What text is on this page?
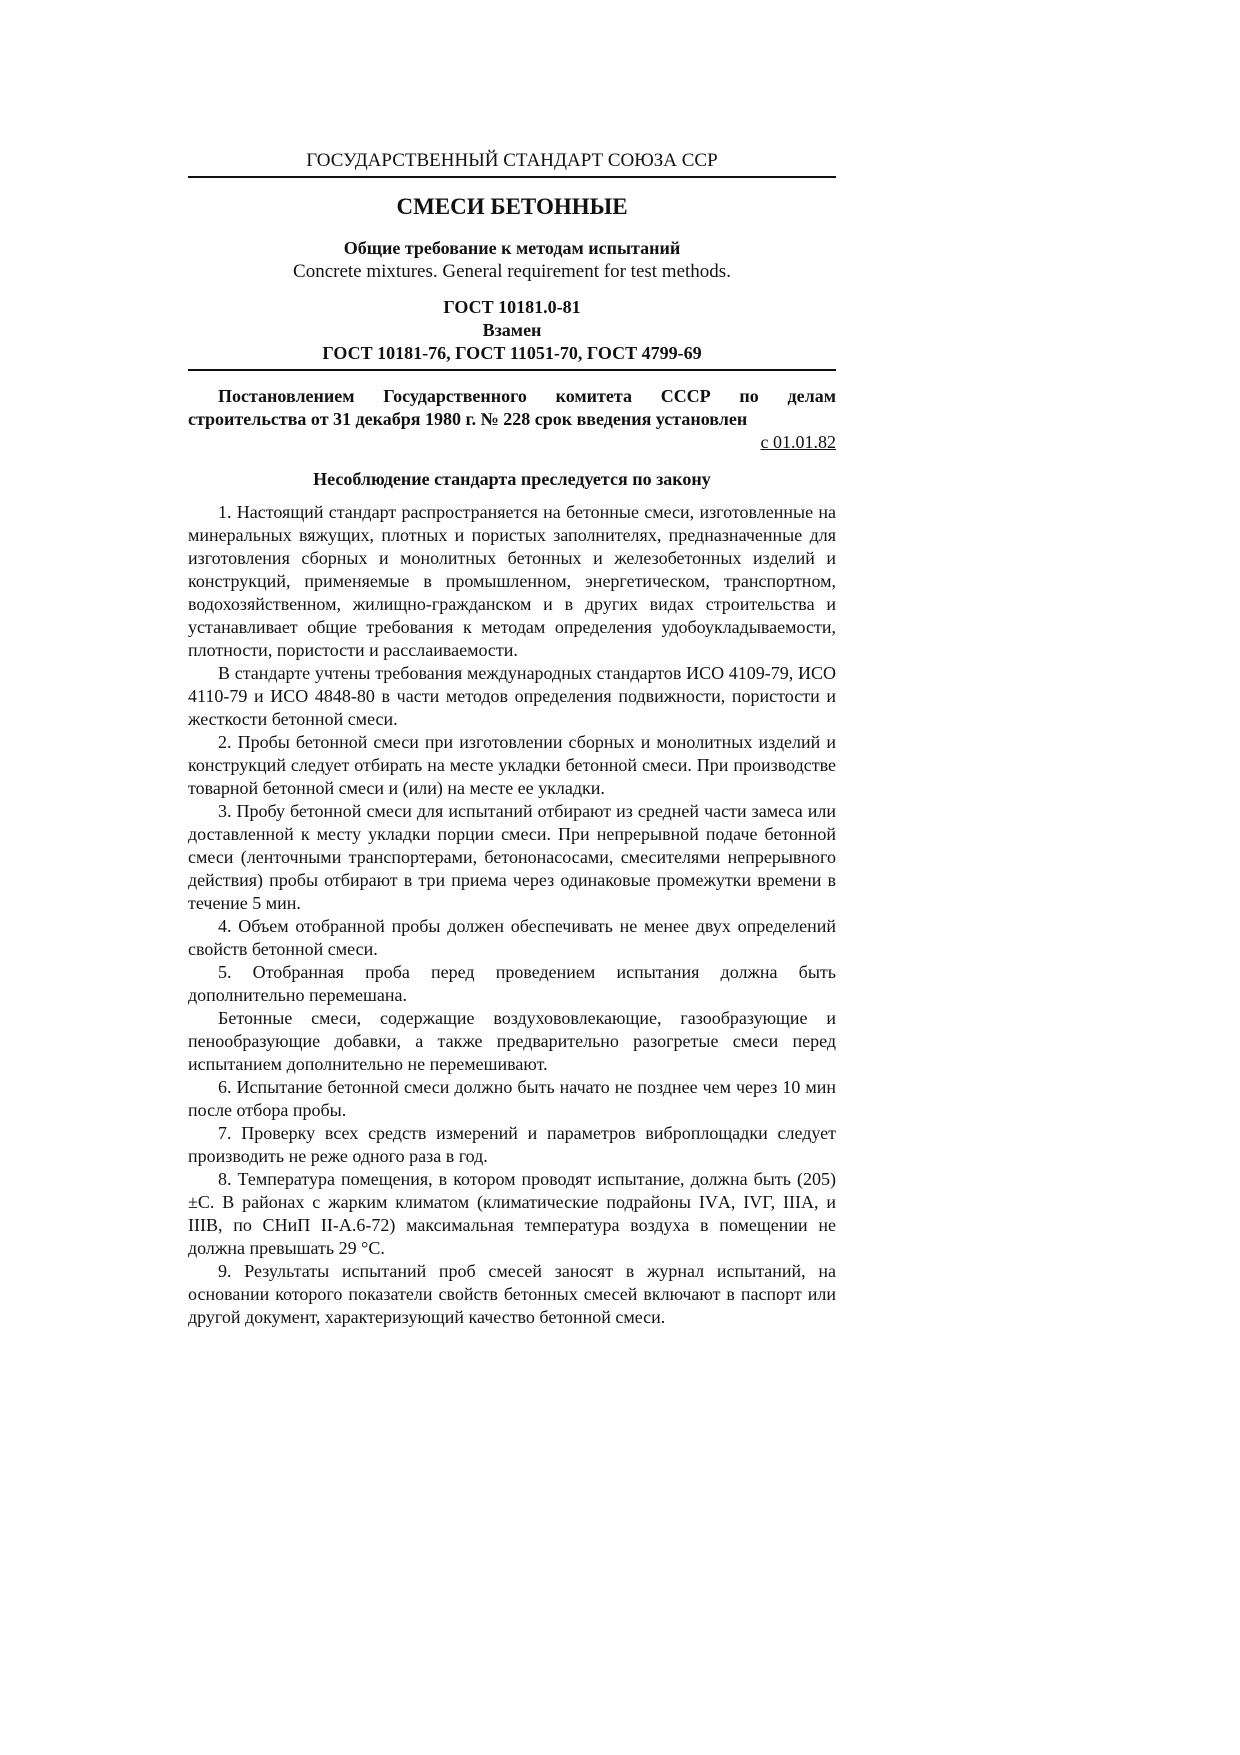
ГОСУДАРСТВЕННЫЙ СТАНДАРТ СОЮЗА ССР
СМЕСИ БЕТОННЫЕ
Общие требование к методам испытаний
Concrete mixtures. General requirement for test methods.
ГОСТ 10181.0-81
Взамен
ГОСТ 10181-76, ГОСТ 11051-70, ГОСТ 4799-69
Постановлением Государственного комитета СССР по делам строительства от 31 декабря 1980 г. № 228 срок введения установлен
с 01.01.82
Несоблюдение стандарта преследуется по закону

1. Настоящий стандарт распространяется на бетонные смеси, изготовленные на минеральных вяжущих, плотных и пористых заполнителях, предназначенные для изготовления сборных и монолитных бетонных и железобетонных изделий и конструкций, применяемые в промышленном, энергетическом, транспортном, водохозяйственном, жилищно-гражданском и в других видах строительства и устанавливает общие требования к методам определения удобоукладываемости, плотности, пористости и расслаиваемости.

В стандарте учтены требования международных стандартов ИСО 4109-79, ИСО 4110-79 и ИСО 4848-80 в части методов определения подвижности, пористости и жесткости бетонной смеси.

2. Пробы бетонной смеси при изготовлении сборных и монолитных изделий и конструкций следует отбирать на месте укладки бетонной смеси. При производстве товарной бетонной смеси и (или) на месте ее укладки.

3. Пробу бетонной смеси для испытаний отбирают из средней части замеса или доставленной к месту укладки порции смеси. При непрерывной подаче бетонной смеси (ленточными транспортерами, бетононасосами, смесителями непрерывного действия) пробы отбирают в три приема через одинаковые промежутки времени в течение 5 мин.

4. Объем отобранной пробы должен обеспечивать не менее двух определений свойств бетонной смеси.

5. Отобранная проба перед проведением испытания должна быть дополнительно перемешана.

Бетонные смеси, содержащие воздухововлекающие, газообразующие и пенообразующие добавки, а также предварительно разогретые смеси перед испытанием дополнительно не перемешивают.

6. Испытание бетонной смеси должно быть начато не позднее чем через 10 мин после отбора пробы.

7. Проверку всех средств измерений и параметров виброплощадки следует производить не реже одного раза в год.

8. Температура помещения, в котором проводят испытание, должна быть (205) ±С. В районах с жарким климатом (климатические подрайоны IVА, IVГ, IIIА, и IIIВ, по СНиП II-А.6-72) максимальная температура воздуха в помещении не должна превышать 29 °С.

9. Результаты испытаний проб смесей заносят в журнал испытаний, на основании которого показатели свойств бетонных смесей включают в паспорт или другой документ, характеризующий качество бетонной смеси.
